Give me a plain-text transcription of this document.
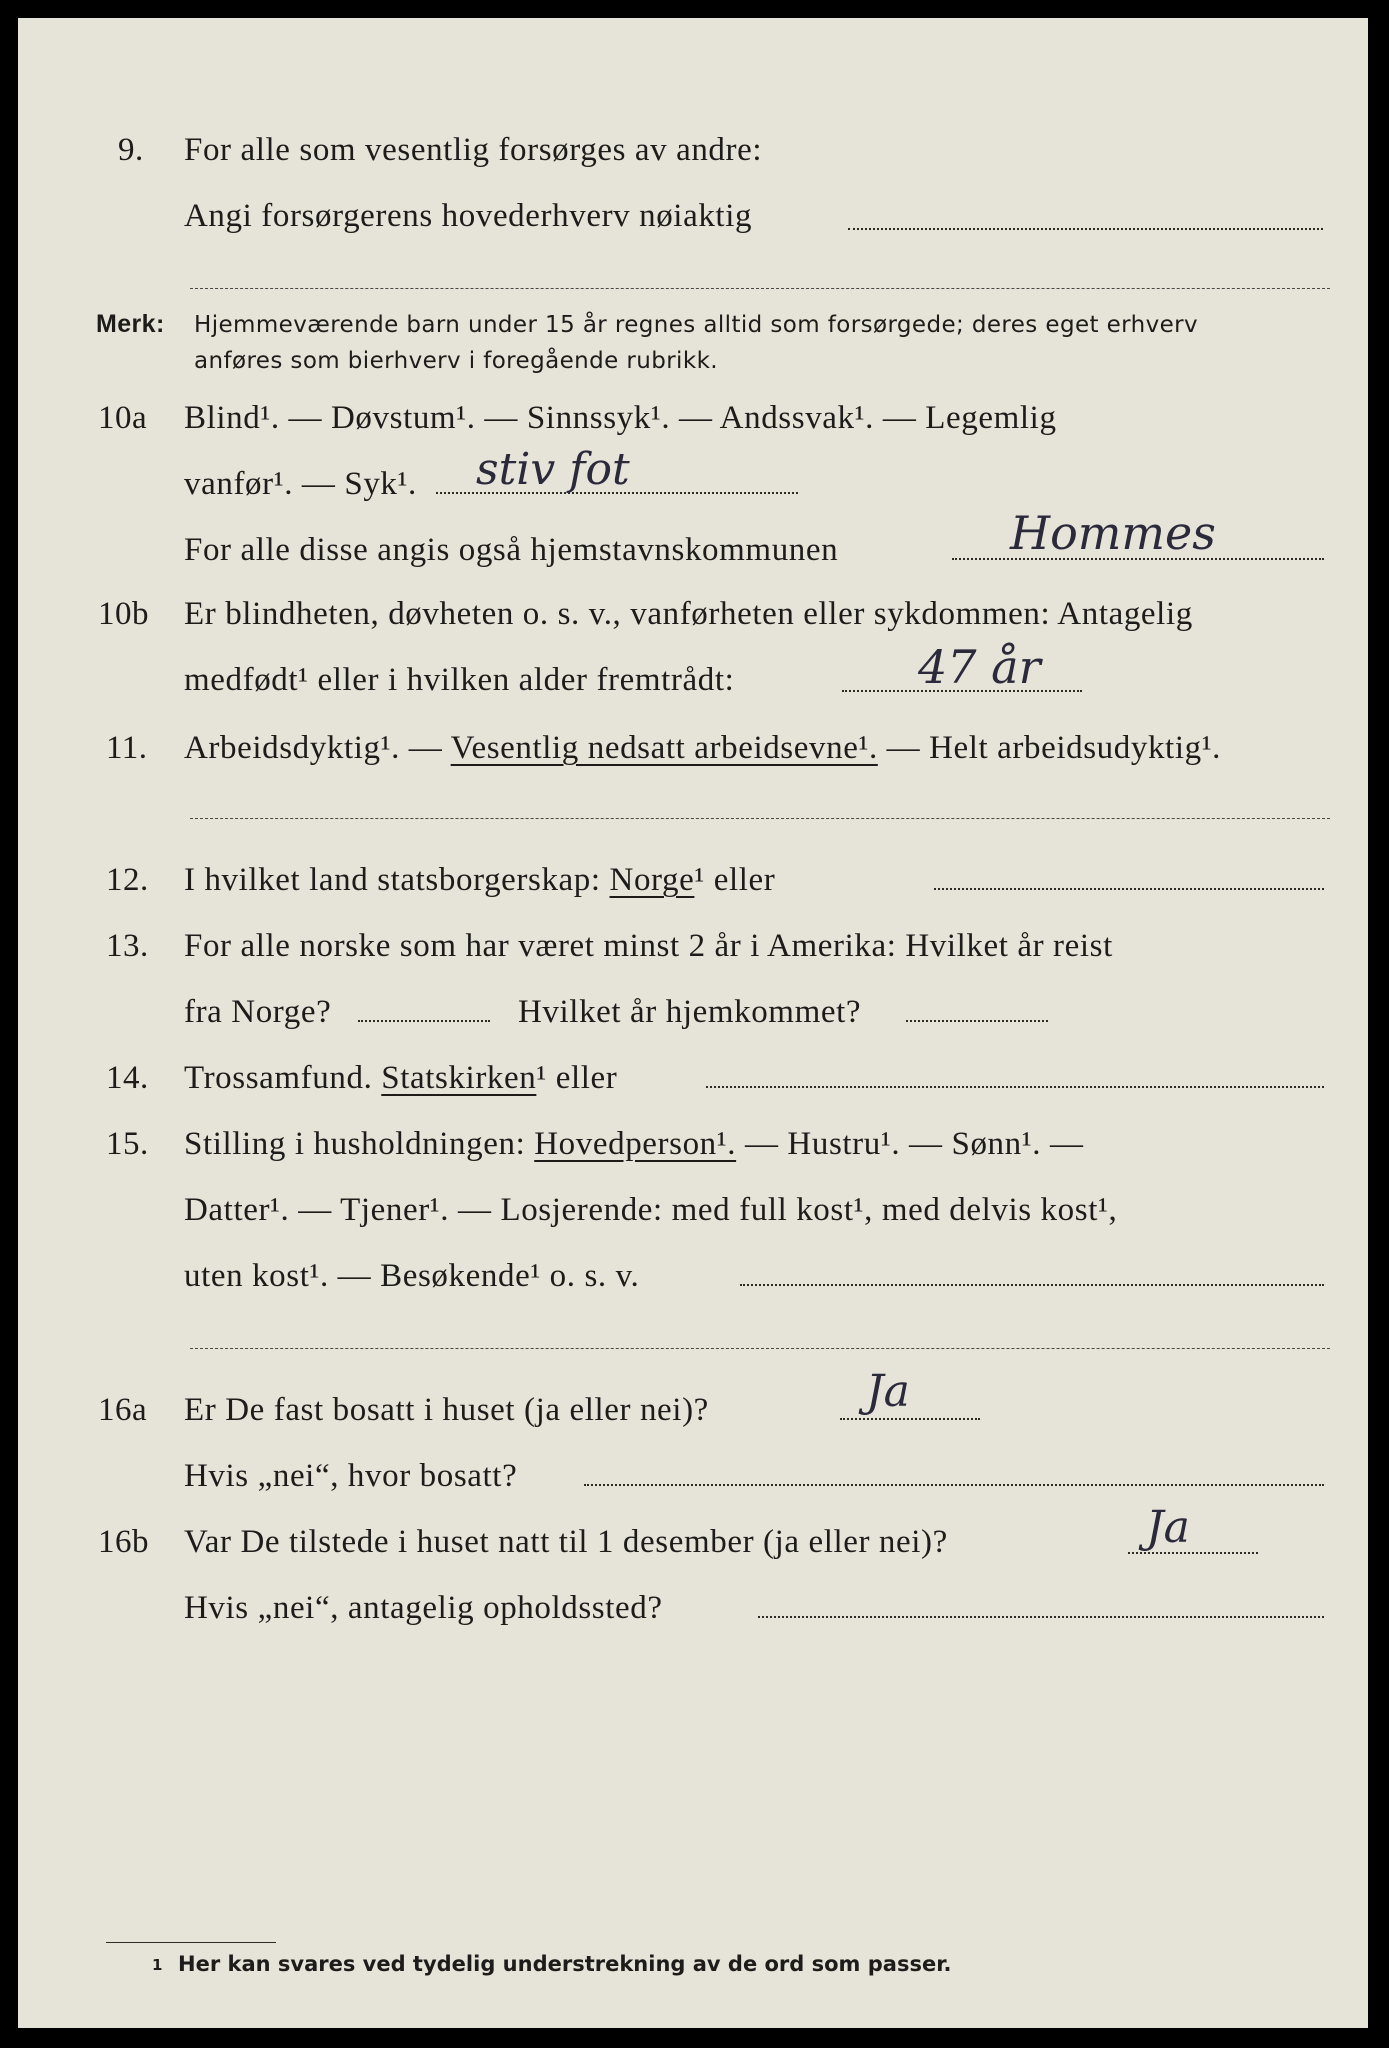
9. For alle som vesentlig forsørges av andre:
Angi forsørgerens hovederhverv nøiaktig
Merk: Hjemmeværende barn under 15 år regnes alltid som forsørgede; deres eget erhverv
anføres som bierhverv i foregående rubrikk.
10a Blind¹. — Døvstum¹. — Sinnssyk¹. — Andssvak¹. — Legemlig
vanfør¹. — Syk¹. stiv fot
For alle disse angis også hjemstavnskommunen	Hommes
10b Er blindheten, døvheten o. s. v., vanførheten eller sykdommen: Antagelig
medfødt¹ eller i hvilken alder fremtrådt:	47 år
11. Arbeidsdyktig¹. — Vesentlig nedsatt arbeidsevne¹. — Helt arbeidsudyktig¹.
12. I hvilket land statsborgerskap: Norge¹ eller
13. For alle norske som har været minst 2 år i Amerika: Hvilket år reist
fra Norge?	Hvilket år hjemkommet?
14. Trossamfund. Statskirken¹ eller
15. Stilling i husholdningen: Hovedperson¹. — Hustru¹. — Sønn¹. —
Datter¹. — Tjener¹. — Losjerende: med full kost¹, med delvis kost¹,
uten kost¹. — Besøkende¹ o. s. v.
16a Er De fast bosatt i huset (ja eller nei)?	Ja
Hvis „nei“, hvor bosatt?
16b Var De tilstede i huset natt til 1 desember (ja eller nei)?	Ja
Hvis „nei“, antagelig opholdssted?
1 Her kan svares ved tydelig understrekning av de ord som passer.
